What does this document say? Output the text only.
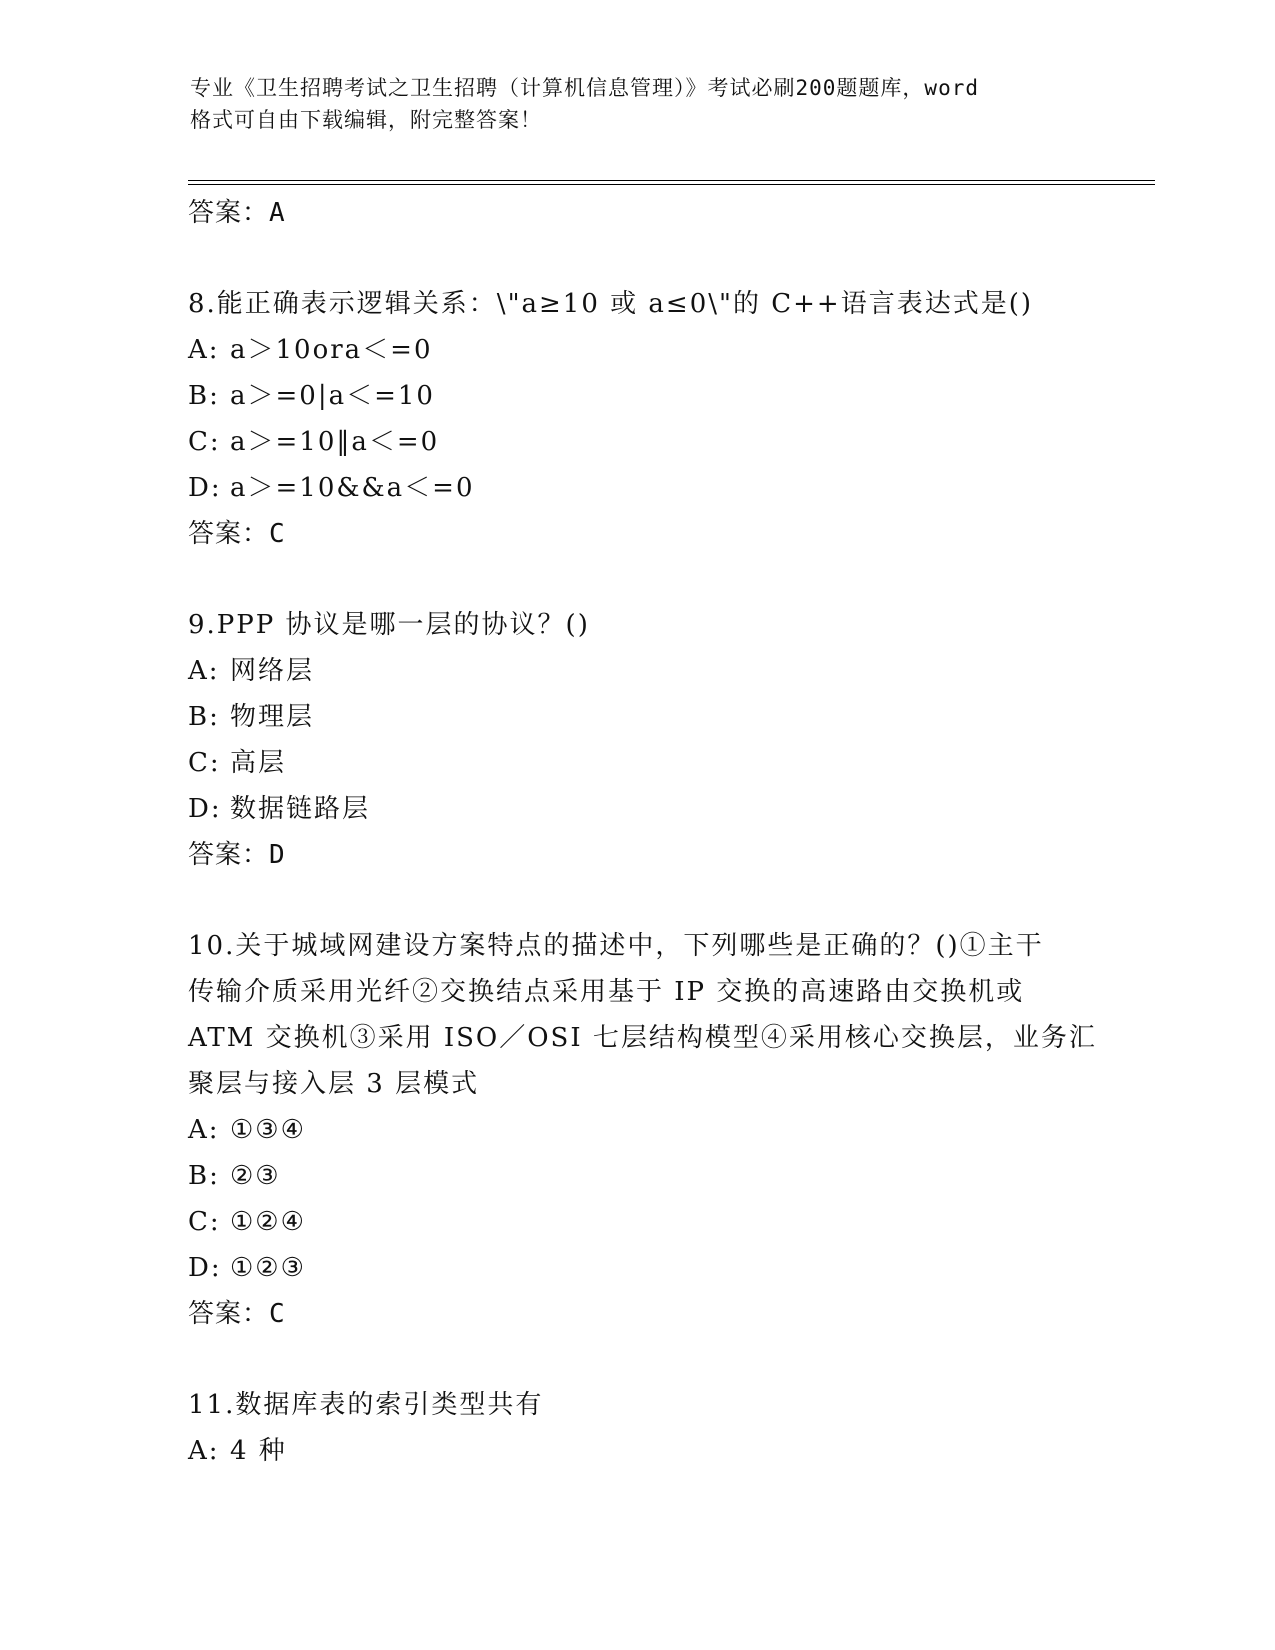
专业《卫生招聘考试之卫生招聘（计算机信息管理）》考试必刷200题题库，word
格式可自由下载编辑，附完整答案！
答案：A
8.能正确表示逻辑关系：\"a≥10 或 a≤0\"的 C++语言表达式是()
A: a＞10ora＜=0
B: a＞=0|a＜=10
C: a＞=10‖a＜=0
D: a＞=10&&a＜=0
答案：C
9.PPP 协议是哪一层的协议？()
A: 网络层
B: 物理层
C: 高层
D: 数据链路层
答案：D
10.关于城域网建设方案特点的描述中，下列哪些是正确的？()①主干
传输介质采用光纤②交换结点采用基于 IP 交换的高速路由交换机或
ATM 交换机③采用 ISO／OSI 七层结构模型④采用核心交换层，业务汇
聚层与接入层 3 层模式
A: ①③④
B: ②③
C: ①②④
D: ①②③
答案：C
11.数据库表的索引类型共有
A: 4 种
